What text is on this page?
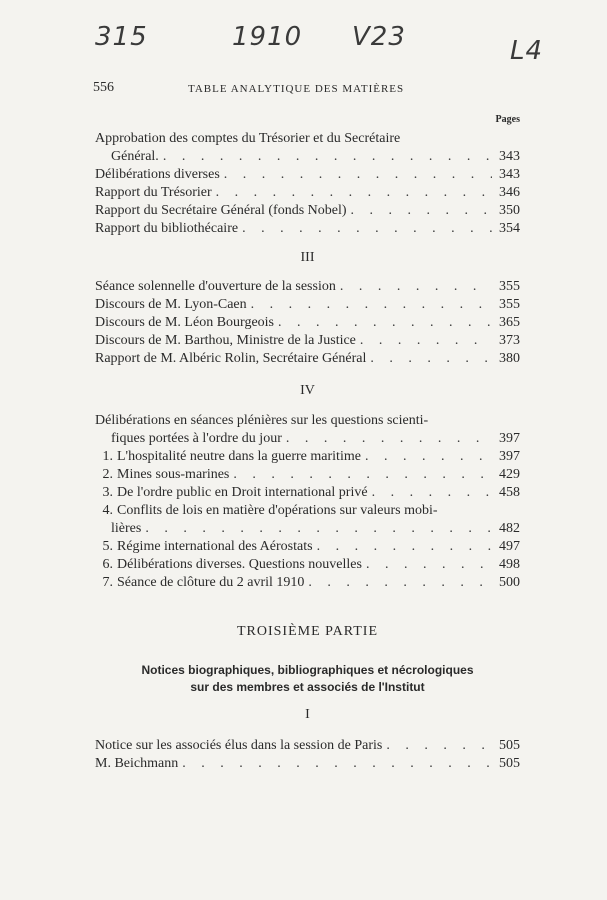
315	1910 V23	L4
556	TABLE ANALYTIQUE DES MATIÈRES
Pages
Approbation des comptes du Trésorier et du Secrétaire
Général. . . .	343
Délibérations diverses . . .	343
Rapport du Trésorier . . .	346
Rapport du Secrétaire Général (fonds Nobel) . . .	350
Rapport du bibliothécaire . . .	354
III
Séance solennelle d'ouverture de la session . . .	355
Discours de M. Lyon-Caen . . .	355
Discours de M. Léon Bourgeois . . .	365
Discours de M. Barthou, Ministre de la Justice . . .	373
Rapport de M. Albéric Rolin, Secrétaire Général . . .	380
IV
Délibérations en séances plénières sur les questions scienti-
fiques portées à l'ordre du jour . . .	397
1. L'hospitalité neutre dans la guerre maritime . . .	397
2. Mines sous-marines . . .	429
3. De l'ordre public en Droit international privé . . .	458
4. Conflits de lois en matière d'opérations sur valeurs mobi-
lières . . .	482
5. Régime international des Aérostats . . .	497
6. Délibérations diverses. Questions nouvelles . . .	498
7. Séance de clôture du 2 avril 1910 . . .	500
TROISIÈME PARTIE
Notices biographiques, bibliographiques et nécrologiques
sur des membres et associés de l'Institut
I
Notice sur les associés élus dans la session de Paris . . .	505
M. Beichmann . . .	505
